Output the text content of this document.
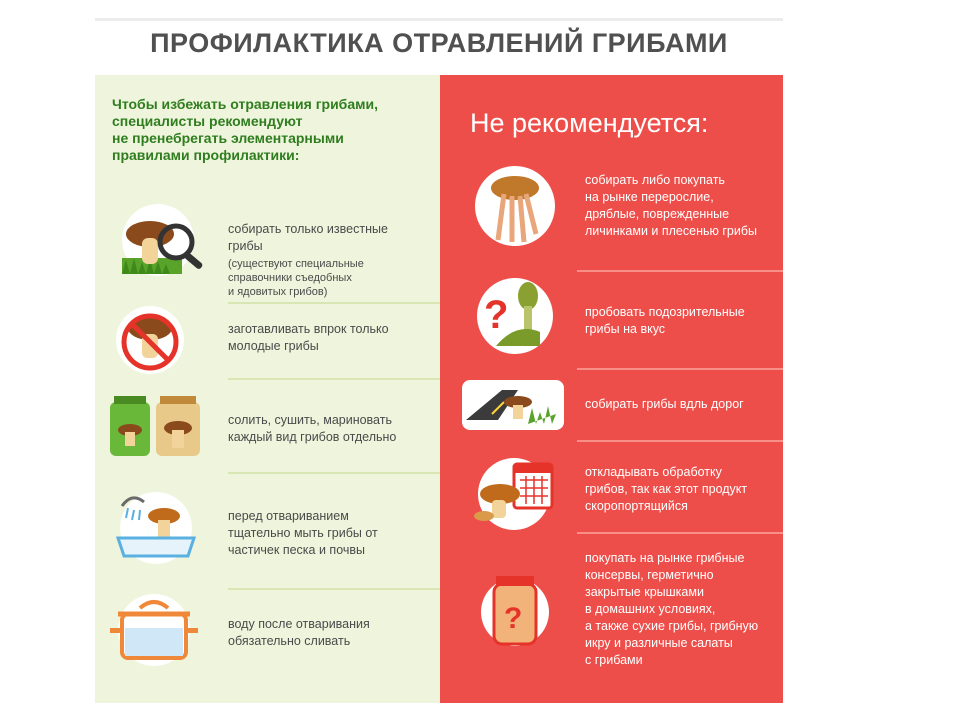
ПРОФИЛАКТИКА ОТРАВЛЕНИЙ ГРИБАМИ
Чтобы избежать отравления грибами,
специалисты рекомендуют
не пренебрегать элементарными
правилами профилактики:
Не рекомендуется:

собирать только известные
грибы

(существуют специальные
справочники съедобных
и ядовитых грибов)

заготавливать впрок только
молодые грибы
солить, сушить, мариновать
каждый вид грибов отдельно
перед отвариванием
тщательно мыть грибы от
частичек песка и почвы
воду после отваривания
обязательно сливать
собирать либо покупать
на рынке перерослие,
дряблые, поврежденные
личинками и плесенью грибы
?	пробовать подозрительные
грибы на вкус
собирать грибы вдль дорог
откладывать обработку
грибов, так как этот продукт
скоропортящийся
?
покупать на рынке грибные
консервы, герметично
закрытые крышками
в домашних условиях,
а также сухие грибы, грибную
икру и различные салаты
с грибами
